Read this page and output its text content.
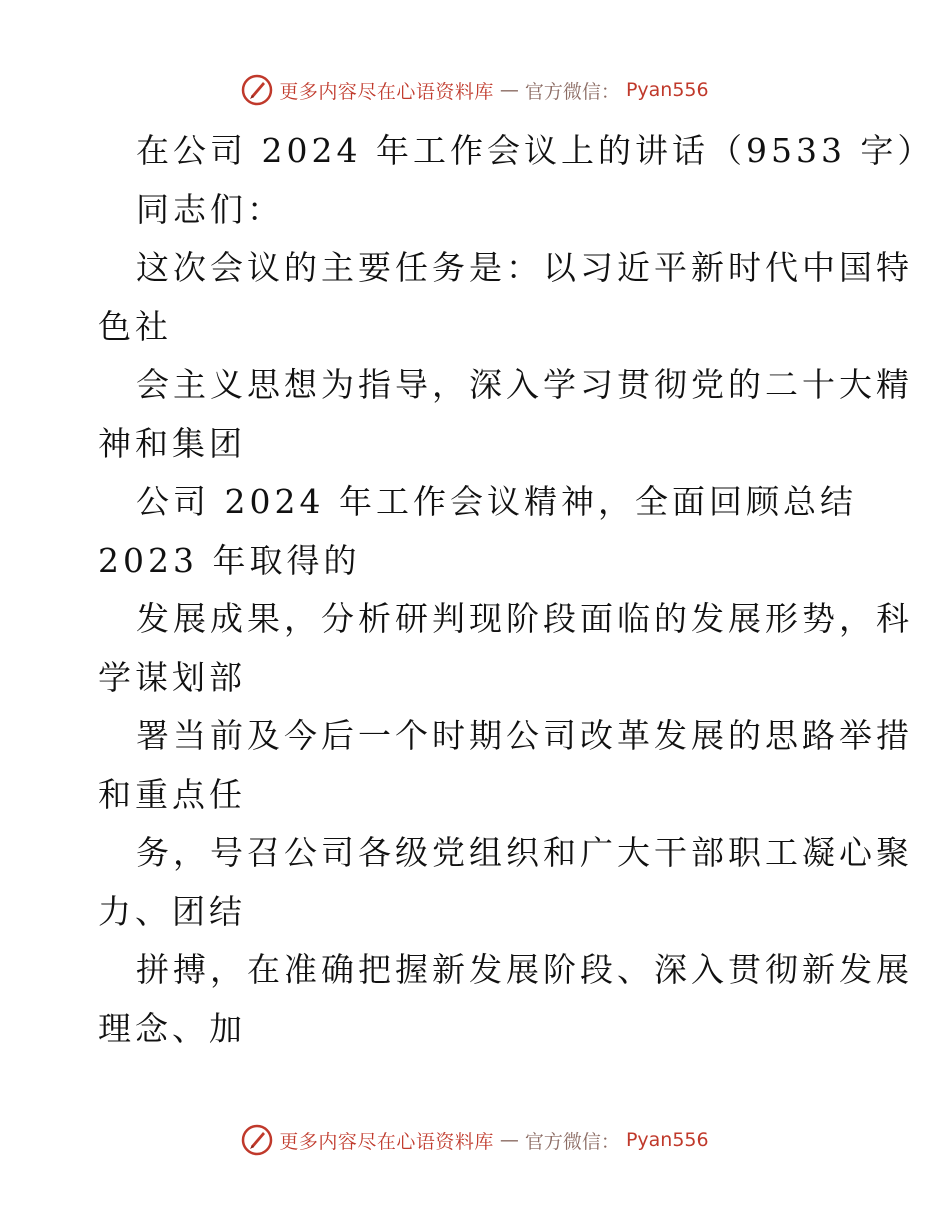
更多内容尽在心语资料库 — 官方微信： Pyan556
在公司 2024 年工作会议上的讲话（9533 字）
同志们：
这次会议的主要任务是：以习近平新时代中国特
色社
会主义思想为指导，深入学习贯彻党的二十大精
神和集团
公司 2024 年工作会议精神，全面回顾总结
2023 年取得的
发展成果，分析研判现阶段面临的发展形势，科
学谋划部
署当前及今后一个时期公司改革发展的思路举措
和重点任
务，号召公司各级党组织和广大干部职工凝心聚
力、团结
拼搏，在准确把握新发展阶段、深入贯彻新发展
理念、加
更多内容尽在心语资料库 — 官方微信： Pyan556
